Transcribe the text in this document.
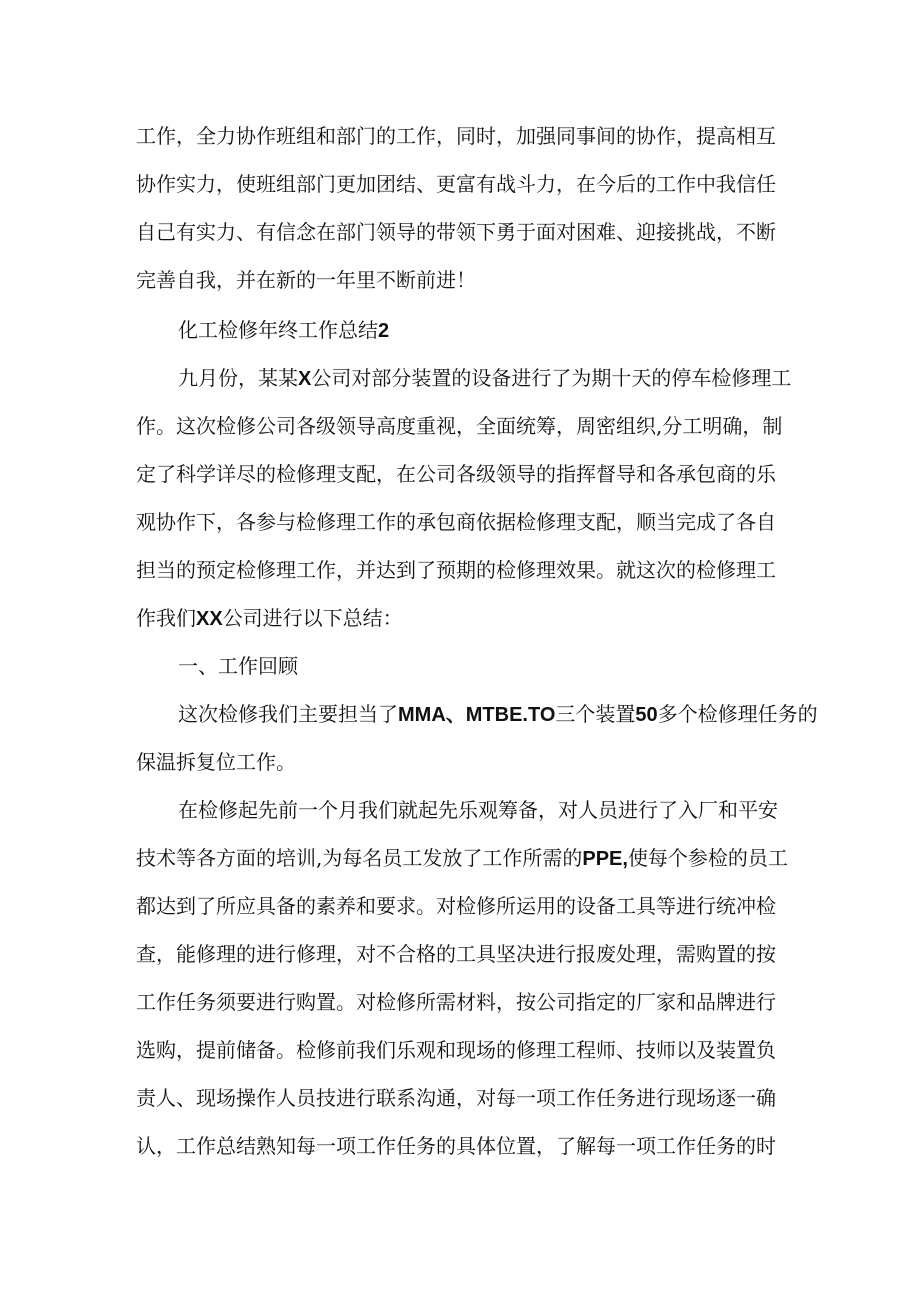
工作，全力协作班组和部门的工作，同时，加强同事间的协作，提高相互
协作实力，使班组部门更加团结、更富有战斗力，在今后的工作中我信任
自己有实力、有信念在部门领导的带领下勇于面对困难、迎接挑战，不断
完善自我，并在新的一年里不断前进！
化工检修年终工作总结2
九月份，某某X公司对部分装置的设备进行了为期十天的停车检修理工
作。这次检修公司各级领导高度重视，全面统筹，周密组织,分工明确，制
定了科学详尽的检修理支配，在公司各级领导的指挥督导和各承包商的乐
观协作下，各参与检修理工作的承包商依据检修理支配，顺当完成了各自
担当的预定检修理工作，并达到了预期的检修理效果。就这次的检修理工
作我们XX公司进行以下总结：
一、工作回顾
这次检修我们主要担当了MMA、MTBE.TO三个装置50多个检修理任务的
保温拆复位工作。
在检修起先前一个月我们就起先乐观筹备，对人员进行了入厂和平安
技术等各方面的培训,为每名员工发放了工作所需的PPE,使每个参检的员工
都达到了所应具备的素养和要求。对检修所运用的设备工具等进行统冲检
查，能修理的进行修理，对不合格的工具坚决进行报废处理，需购置的按
工作任务须要进行购置。对检修所需材料，按公司指定的厂家和品牌进行
选购，提前储备。检修前我们乐观和现场的修理工程师、技师以及装置负
责人、现场操作人员技进行联系沟通，对每一项工作任务进行现场逐一确
认，工作总结熟知每一项工作任务的具体位置，了解每一项工作任务的时
